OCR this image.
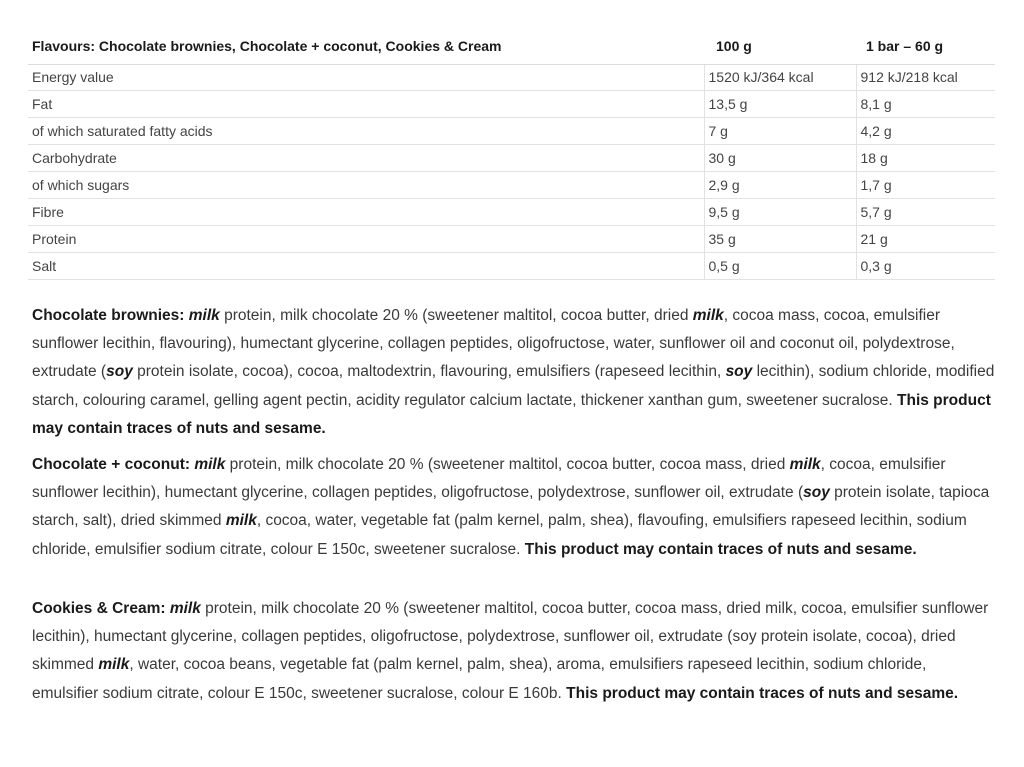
Flavours: Chocolate brownies, Chocolate + coconut, Cookies & Cream	100 g	1 bar – 60 g
Energy value	1520 kJ/364 kcal	912 kJ/218 kcal
Fat	13,5 g	8,1 g
of which saturated fatty acids	7 g	4,2 g
Carbohydrate	30 g	18 g
of which sugars	2,9 g	1,7 g
Fibre	9,5 g	5,7 g
Protein	35 g	21 g
Salt	0,5 g	0,3 g

Chocolate brownies: milk protein, milk chocolate 20 % (sweetener maltitol, cocoa butter, dried milk, cocoa mass, cocoa, emulsifier sunflower lecithin, flavouring), humectant glycerine, collagen peptides, oligofructose, water, sunflower oil and coconut oil, polydextrose, extrudate (soy protein isolate, cocoa), cocoa, maltodextrin, flavouring, emulsifiers (rapeseed lecithin, soy lecithin), sodium chloride, modified starch, colouring caramel, gelling agent pectin, acidity regulator calcium lactate, thickener xanthan gum, sweetener sucralose. This product may contain traces of nuts and sesame.

Chocolate + coconut: milk protein, milk chocolate 20 % (sweetener maltitol, cocoa butter, cocoa mass, dried milk, cocoa, emulsifier sunflower lecithin), humectant glycerine, collagen peptides, oligofructose, polydextrose, sunflower oil, extrudate (soy protein isolate, tapioca starch, salt), dried skimmed milk, cocoa, water, vegetable fat (palm kernel, palm, shea), flavoufing, emulsifiers rapeseed lecithin, sodium chloride, emulsifier sodium citrate, colour E 150c, sweetener sucralose. This product may contain traces of nuts and sesame.

Cookies & Cream: milk protein, milk chocolate 20 % (sweetener maltitol, cocoa butter, cocoa mass, dried milk, cocoa, emulsifier sunflower lecithin), humectant glycerine, collagen peptides, oligofructose, polydextrose, sunflower oil, extrudate (soy protein isolate, cocoa), dried skimmed milk, water, cocoa beans, vegetable fat (palm kernel, palm, shea), aroma, emulsifiers rapeseed lecithin, sodium chloride, emulsifier sodium citrate, colour E 150c, sweetener sucralose, colour E 160b. This product may contain traces of nuts and sesame.
